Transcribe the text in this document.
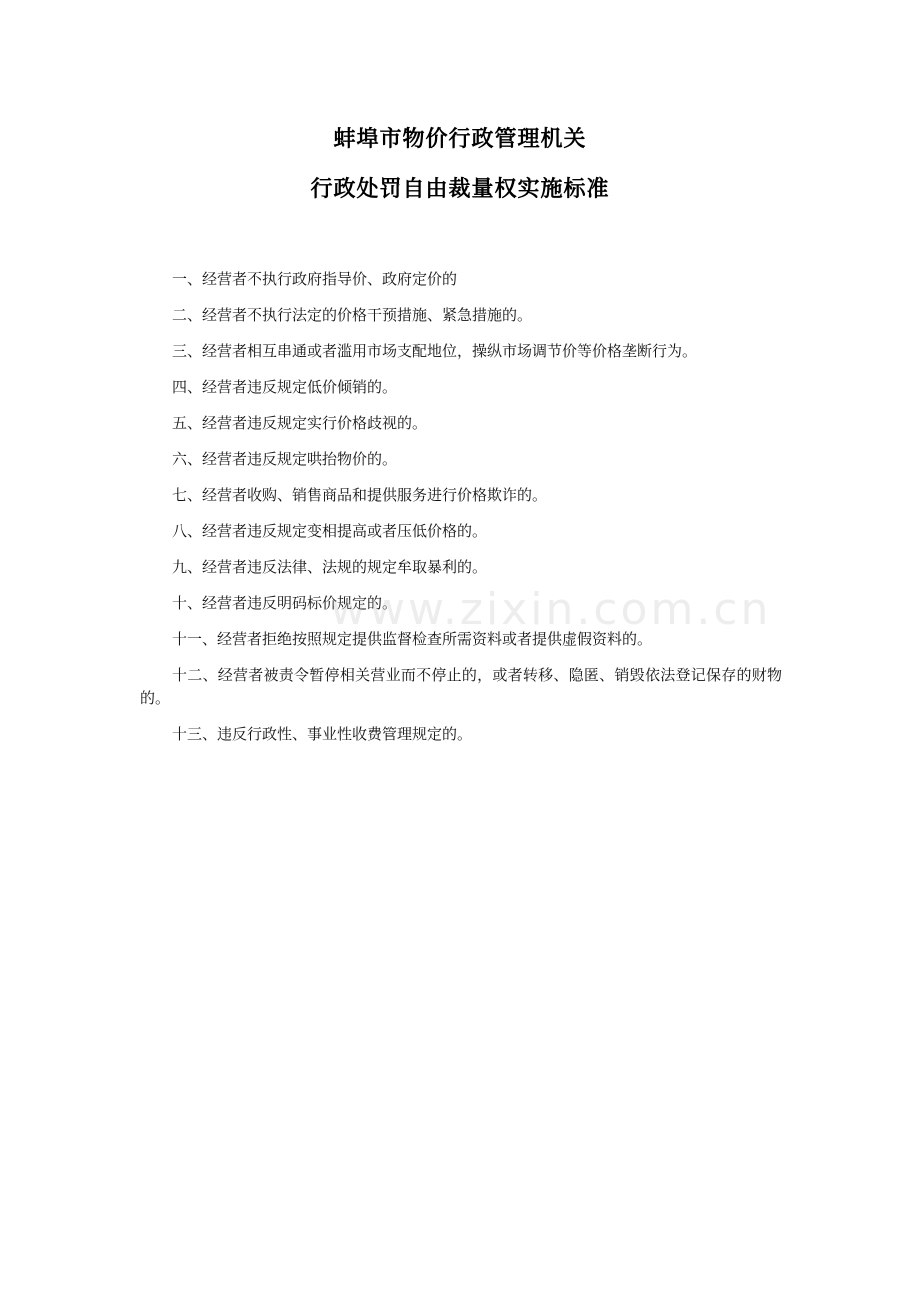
蚌埠市物价行政管理机关
行政处罚自由裁量权实施标准

一、经营者不执行政府指导价、政府定价的

二、经营者不执行法定的价格干预措施、紧急措施的。

三、经营者相互串通或者滥用市场支配地位，操纵市场调节价等价格垄断行为。

四、经营者违反规定低价倾销的。

五、经营者违反规定实行价格歧视的。

六、经营者违反规定哄抬物价的。

七、经营者收购、销售商品和提供服务进行价格欺诈的。

八、经营者违反规定变相提高或者压低价格的。

九、经营者违反法律、法规的规定牟取暴利的。

十、经营者违反明码标价规定的。

十一、经营者拒绝按照规定提供监督检查所需资料或者提供虚假资料的。

十二、经营者被责令暂停相关营业而不停止的，或者转移、隐匿、销毁依法登记保存的财物的。

十三、违反行政性、事业性收费管理规定的。

www.zixin.com.cn
